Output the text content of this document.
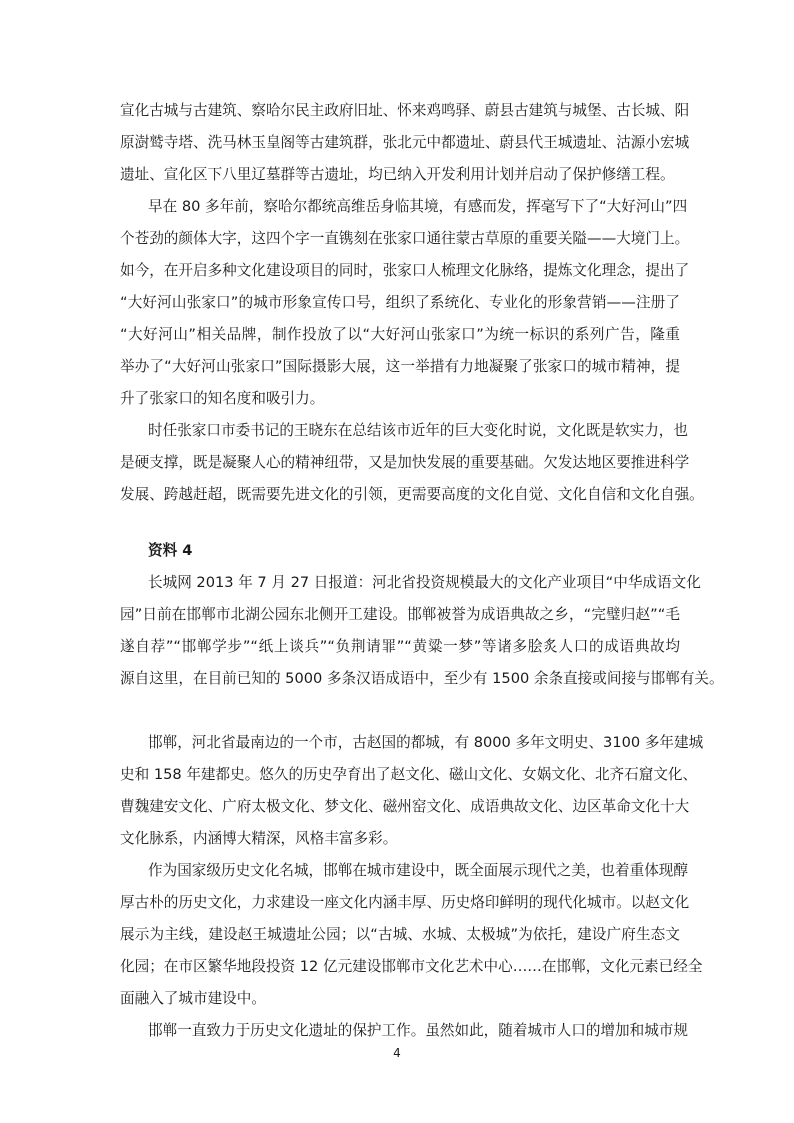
宣化古城与古建筑、察哈尔民主政府旧址、怀来鸡鸣驿、蔚县古建筑与城堡、古长城、阳
原澍鹫寺塔、洗马林玉皇阁等古建筑群，张北元中都遗址、蔚县代王城遗址、沽源小宏城
遗址、宣化区下八里辽墓群等古遗址，均已纳入开发利用计划并启动了保护修缮工程。
早在 80 多年前，察哈尔都统高维岳身临其境，有感而发，挥毫写下了“大好河山”四
个苍劲的颜体大字，这四个字一直镌刻在张家口通往蒙古草原的重要关隘——大境门上。
如今，在开启多种文化建设项目的同时，张家口人梳理文化脉络，提炼文化理念，提出了
“大好河山张家口”的城市形象宣传口号，组织了系统化、专业化的形象营销——注册了
“大好河山”相关品牌，制作投放了以“大好河山张家口”为统一标识的系列广告，隆重
举办了“大好河山张家口”国际摄影大展，这一举措有力地凝聚了张家口的城市精神，提
升了张家口的知名度和吸引力。
时任张家口市委书记的王晓东在总结该市近年的巨大变化时说，文化既是软实力，也
是硬支撑，既是凝聚人心的精神纽带，又是加快发展的重要基础。欠发达地区要推进科学
发展、跨越赶超，既需要先进文化的引领，更需要高度的文化自觉、文化自信和文化自强。
资料 4
长城网 2013 年 7 月 27 日报道：河北省投资规模最大的文化产业项目“中华成语文化
园”日前在邯郸市北湖公园东北侧开工建设。邯郸被誉为成语典故之乡，“完璧归赵”“毛
遂自荐”“邯郸学步”“纸上谈兵”“负荆请罪”“黄粱一梦”等诸多脍炙人口的成语典故均
源自这里，在目前已知的 5000 多条汉语成语中，至少有 1500 余条直接或间接与邯郸有关。
邯郸，河北省最南边的一个市，古赵国的都城，有 8000 多年文明史、3100 多年建城
史和 158 年建都史。悠久的历史孕育出了赵文化、磁山文化、女娲文化、北齐石窟文化、
曹魏建安文化、广府太极文化、梦文化、磁州窑文化、成语典故文化、边区革命文化十大
文化脉系，内涵博大精深，风格丰富多彩。
作为国家级历史文化名城，邯郸在城市建设中，既全面展示现代之美，也着重体现醇
厚古朴的历史文化，力求建设一座文化内涵丰厚、历史烙印鲜明的现代化城市。以赵文化
展示为主线，建设赵王城遗址公园；以“古城、水城、太极城”为依托，建设广府生态文
化园；在市区繁华地段投资 12 亿元建设邯郸市文化艺术中心……在邯郸，文化元素已经全
面融入了城市建设中。
邯郸一直致力于历史文化遗址的保护工作。虽然如此，随着城市人口的增加和城市规
4
